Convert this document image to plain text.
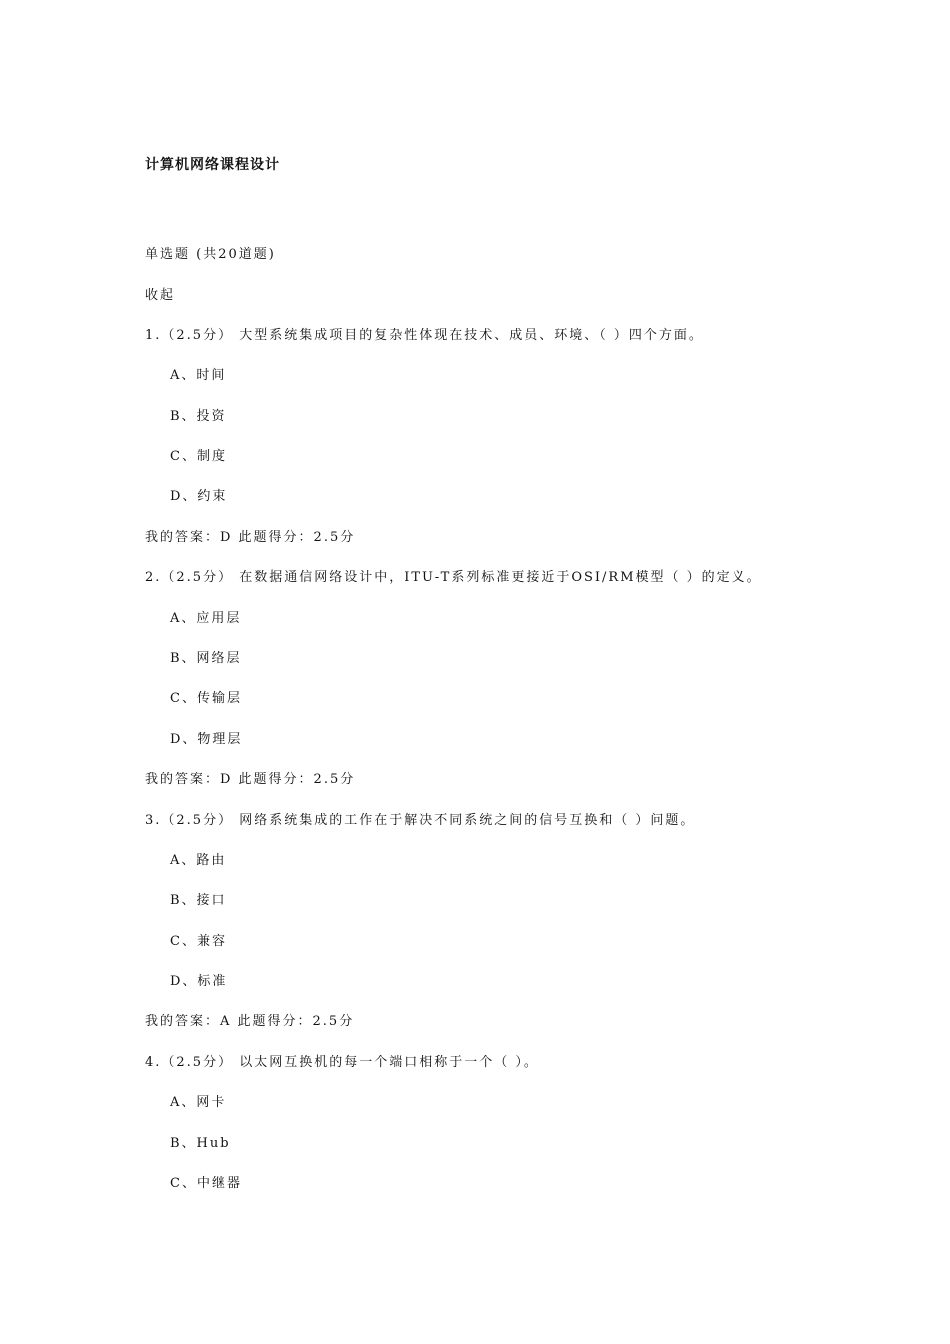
计算机网络课程设计
单选题 (共20道题)
收起
1.（2.5分） 大型系统集成项目的复杂性体现在技术、成员、环境、（ ）四个方面。
A、时间
B、投资
C、制度
D、约束
我的答案：D 此题得分：2.5分
2.（2.5分） 在数据通信网络设计中，ITU-T系列标准更接近于OSI/RM模型（ ）的定义。
A、应用层
B、网络层
C、传输层
D、物理层
我的答案：D 此题得分：2.5分
3.（2.5分） 网络系统集成的工作在于解决不同系统之间的信号互换和（ ）问题。
A、路由
B、接口
C、兼容
D、标准
我的答案：A 此题得分：2.5分
4.（2.5分） 以太网互换机的每一个端口相称于一个（ ）。
A、网卡
B、Hub
C、中继器
